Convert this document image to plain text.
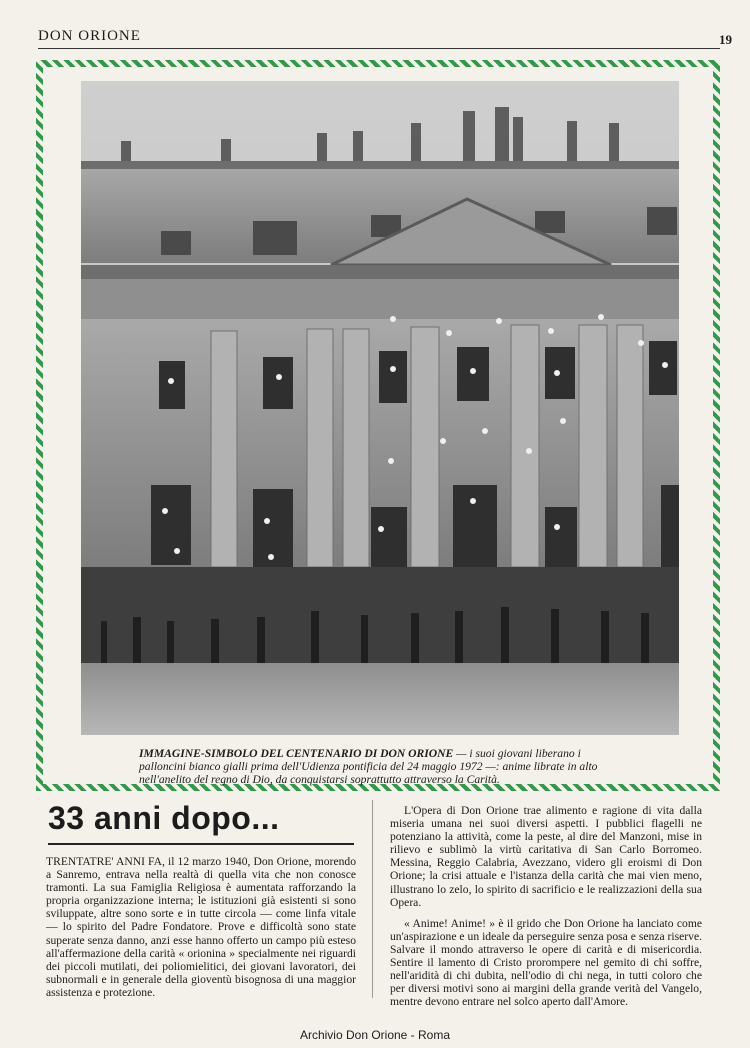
DON ORIONE	19
IMMAGINE-SIMBOLO DEL CENTENARIO DI DON ORIONE — i suoi giovani liberano i palloncini bianco gialli prima dell'Udienza pontificia del 24 maggio 1972 —: anime librate in alto nell'anelito del regno di Dio, da conquistarsi soprattutto attraverso la Carità.
33 anni dopo...

TRENTATRE' ANNI FA, il 12 marzo 1940, Don Orione, morendo a Sanremo, entrava nella realtà di quella vita che non conosce tramonti. La sua Famiglia Religiosa è aumentata rafforzando la propria organizzazione interna; le istituzioni già esistenti si sono sviluppate, altre sono sorte e in tutte circola — come linfa vitale — lo spirito del Padre Fondatore. Prove e difficoltà sono state superate senza danno, anzi esse hanno offerto un campo più esteso all'affermazione della carità « orionina » specialmente nei riguardi dei piccoli mutilati, dei poliomielitici, dei giovani lavoratori, dei subnormali e in generale della gioventù bisognosa di una maggior assistenza e protezione.

L'Opera di Don Orione trae alimento e ragione di vita dalla miseria umana nei suoi diversi aspetti. I pubblici flagelli ne potenziano la attività, come la peste, al dire del Manzoni, mise in rilievo e sublimò la virtù caritativa di San Carlo Borromeo. Messina, Reggio Calabria, Avezzano, videro gli eroismi di Don Orione; la crisi attuale e l'istanza della carità che mai vien meno, illustrano lo zelo, lo spirito di sacrificio e le realizzazioni della sua Opera.

« Anime! Anime! » è il grido che Don Orione ha lanciato come un'aspirazione e un ideale da perseguire senza posa e senza riserve. Salvare il mondo attraverso le opere di carità e di misericordia. Sentire il lamento di Cristo prorompere nel gemito di chi soffre, nell'aridità di chi dubita, nell'odio di chi nega, in tutti coloro che per diversi motivi sono ai margini della grande verità del Vangelo, mentre devono entrare nel solco aperto dall'Amore.

Archivio Don Orione - Roma
